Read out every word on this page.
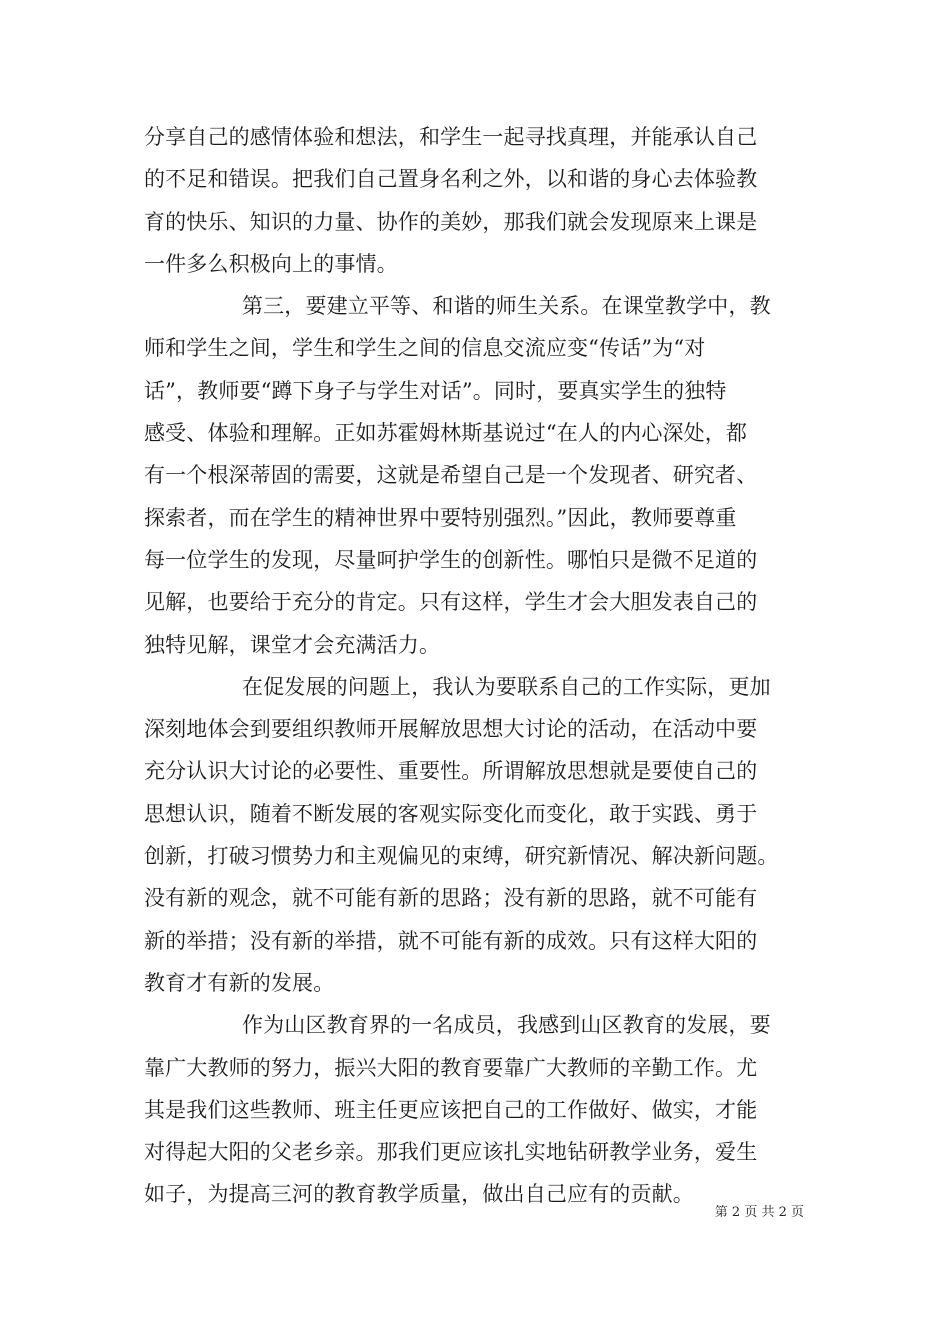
分享自己的感情体验和想法，和学生一起寻找真理，并能承认自己
的不足和错误。把我们自己置身名利之外，以和谐的身心去体验教
育的快乐、知识的力量、协作的美妙，那我们就会发现原来上课是
一件多么积极向上的事情。
第三，要建立平等、和谐的师生关系。在课堂教学中，教
师和学生之间，学生和学生之间的信息交流应变“传话”为“对
话”，教师要“蹲下身子与学生对话”。同时，要真实学生的独特
感受、体验和理解。正如苏霍姆林斯基说过“在人的内心深处，都
有一个根深蒂固的需要，这就是希望自己是一个发现者、研究者、
探索者，而在学生的精神世界中要特别强烈。”因此，教师要尊重
每一位学生的发现，尽量呵护学生的创新性。哪怕只是微不足道的
见解，也要给于充分的肯定。只有这样，学生才会大胆发表自己的
独特见解，课堂才会充满活力。
在促发展的问题上，我认为要联系自己的工作实际，更加
深刻地体会到要组织教师开展解放思想大讨论的活动，在活动中要
充分认识大讨论的必要性、重要性。所谓解放思想就是要使自己的
思想认识，随着不断发展的客观实际变化而变化，敢于实践、勇于
创新，打破习惯势力和主观偏见的束缚，研究新情况、解决新问题。
没有新的观念，就不可能有新的思路；没有新的思路，就不可能有
新的举措；没有新的举措，就不可能有新的成效。只有这样大阳的
教育才有新的发展。
作为山区教育界的一名成员，我感到山区教育的发展，要
靠广大教师的努力，振兴大阳的教育要靠广大教师的辛勤工作。尤
其是我们这些教师、班主任更应该把自己的工作做好、做实，才能
对得起大阳的父老乡亲。那我们更应该扎实地钻研教学业务，爱生
如子，为提高三河的教育教学质量，做出自己应有的贡献。
第 2 页 共 2 页
